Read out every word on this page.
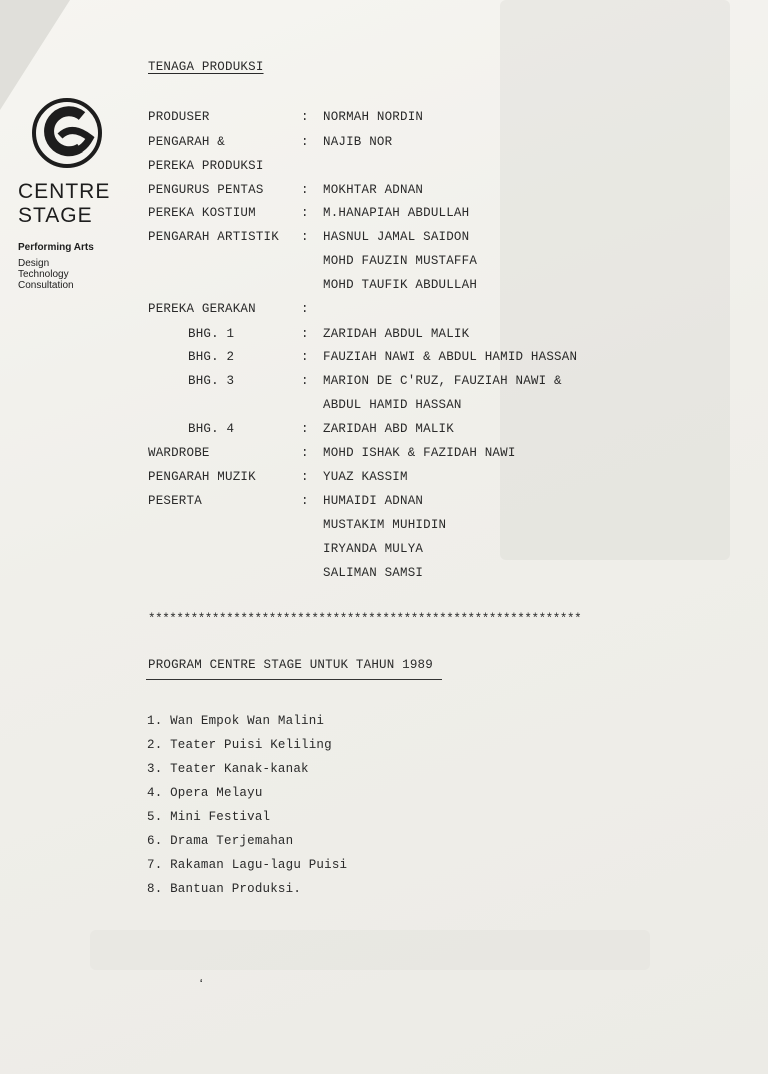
CENTRE
STAGE
Performing Arts
Design
Technology
Consultation
TENAGA PRODUKSI
PRODUSER	: NORMAH NORDIN
PENGARAH &	: NAJIB NOR
PEREKA PRODUKSI
PENGURUS PENTAS	: MOKHTAR ADNAN
PEREKA KOSTIUM	: M.HANAPIAH ABDULLAH
PENGARAH ARTISTIK : HASNUL JAMAL SAIDON
MOHD FAUZIN MUSTAFFA
MOHD TAUFIK ABDULLAH
PEREKA GERAKAN	:
BHG. 1	: ZARIDAH ABDUL MALIK
BHG. 2	: FAUZIAH NAWI & ABDUL HAMID HASSAN
BHG. 3	: MARION DE C'RUZ, FAUZIAH NAWI &
ABDUL HAMID HASSAN
BHG. 4	: ZARIDAH ABD MALIK
WARDROBE	: MOHD ISHAK & FAZIDAH NAWI
PENGARAH MUZIK	: YUAZ KASSIM
PESERTA	: HUMAIDI ADNAN
MUSTAKIM MUHIDIN
IRYANDA MULYA
SALIMAN SAMSI
*************************************************************
PROGRAM CENTRE STAGE UNTUK TAHUN 1989
1. Wan Empok Wan Malini
2. Teater Puisi Keliling
3. Teater Kanak-kanak
4. Opera Melayu
5. Mini Festival
6. Drama Terjemahan
7. Rakaman Lagu-lagu Puisi
8. Bantuan Produksi.
ʻ
